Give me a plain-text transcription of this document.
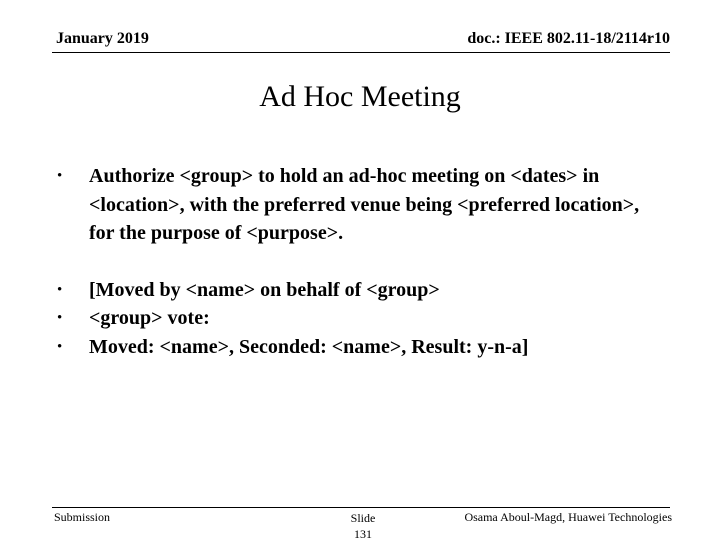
January 2019	doc.: IEEE 802.11-18/2114r10
Ad Hoc Meeting
•	Authorize <group> to hold an ad-hoc meeting on <dates> in <location>, with the preferred venue being <preferred location>, for the purpose of <purpose>.
•	[Moved by <name> on behalf of <group>
•	<group> vote:
•	Moved: <name>, Seconded: <name>, Result: y-n-a]
Submission	Slide
131
Osama Aboul-Magd, Huawei Technologies
